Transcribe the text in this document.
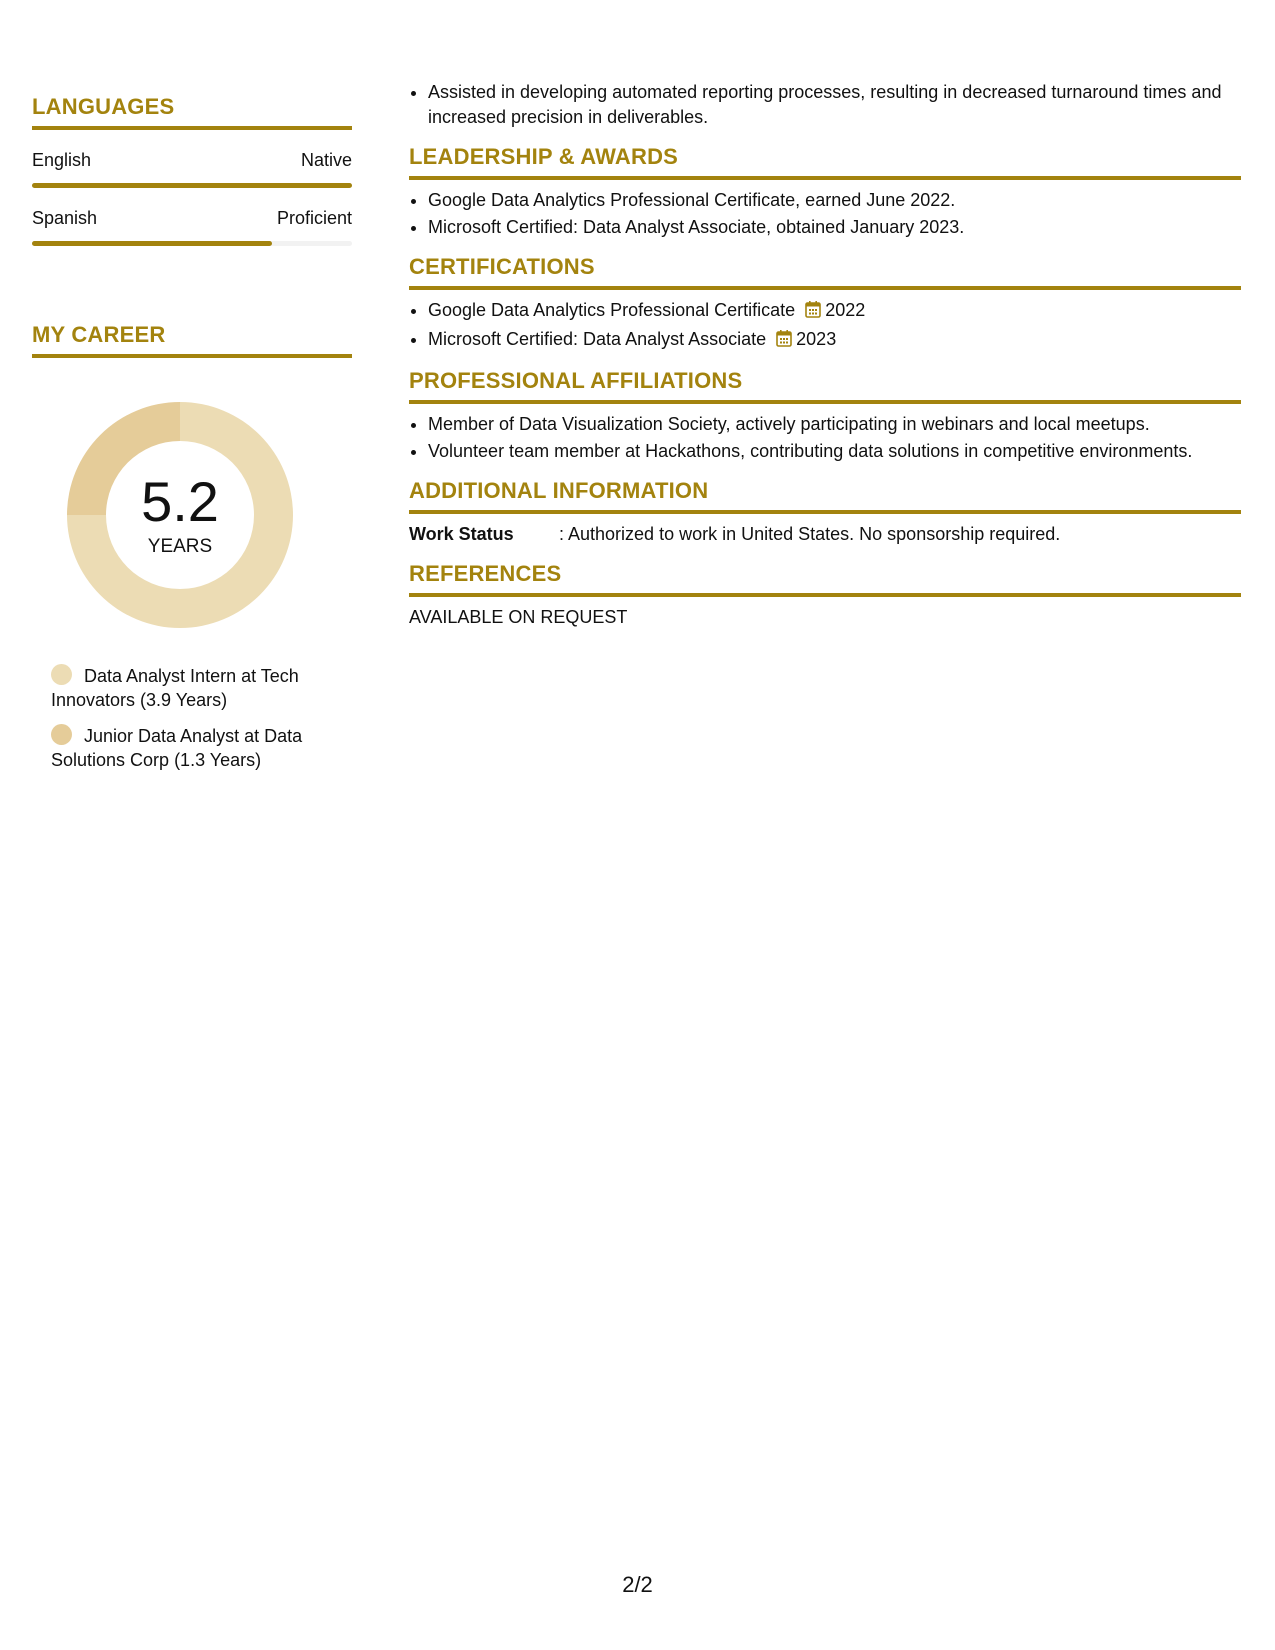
LANGUAGES
English	Native
Spanish	Proficient
MY CAREER
5.2
YEARS
Data Analyst Intern at Tech Innovators (3.9 Years)
Junior Data Analyst at Data Solutions Corp (1.3 Years)
• Assisted in developing automated reporting processes, resulting in decreased turnaround times and increased precision in deliverables.
LEADERSHIP & AWARDS
• Google Data Analytics Professional Certificate, earned June 2022.
• Microsoft Certified: Data Analyst Associate, obtained January 2023.
CERTIFICATIONS
• Google Data Analytics Professional Certificate 2022
• Microsoft Certified: Data Analyst Associate 2023
PROFESSIONAL AFFILIATIONS
• Member of Data Visualization Society, actively participating in webinars and local meetups.
• Volunteer team member at Hackathons, contributing data solutions in competitive environments.
ADDITIONAL INFORMATION
Work Status	: Authorized to work in United States. No sponsorship required.
REFERENCES
AVAILABLE ON REQUEST
2/2
